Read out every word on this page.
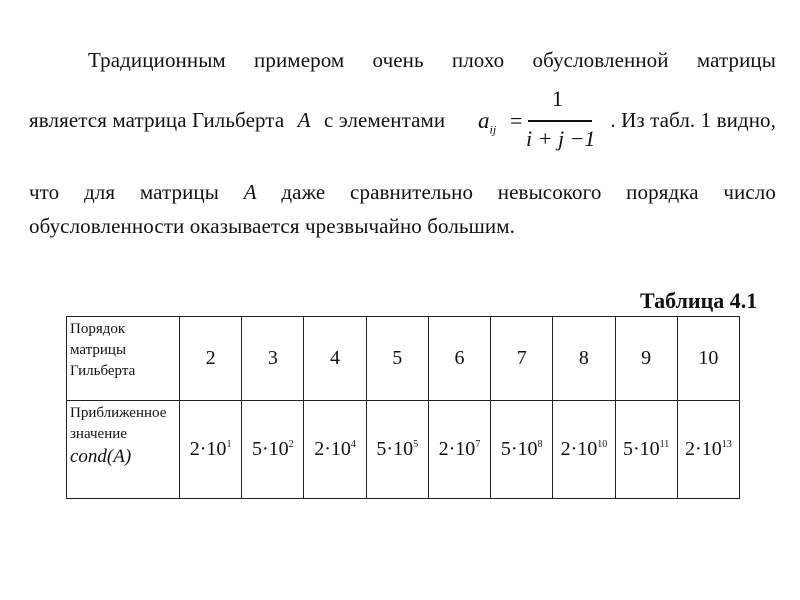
Традиционным примером очень плохо обусловленной матрицы
является матрица Гильберта A с элементами	. Из табл. 1 видно,
$a_{ij}$ =
1
i + j −1
что для матрицы A даже сравнительно невысокого порядка число
обусловленности оказывается чрезвычайно большим.
Таблица 4.1
Порядок
матрицы
Гильберта	2	3	4	5	6	7	8	9	10
Приближенное
значение
cond(A)	$2\cdot 10^1$	$5\cdot 10^2$	$2\cdot 10^4$	$5\cdot 10^5$	$2\cdot 10^7$	$5\cdot 10^8$	$2\cdot 10^{10}$	$5\cdot 10^{11}$	$2\cdot 10^{13}$
